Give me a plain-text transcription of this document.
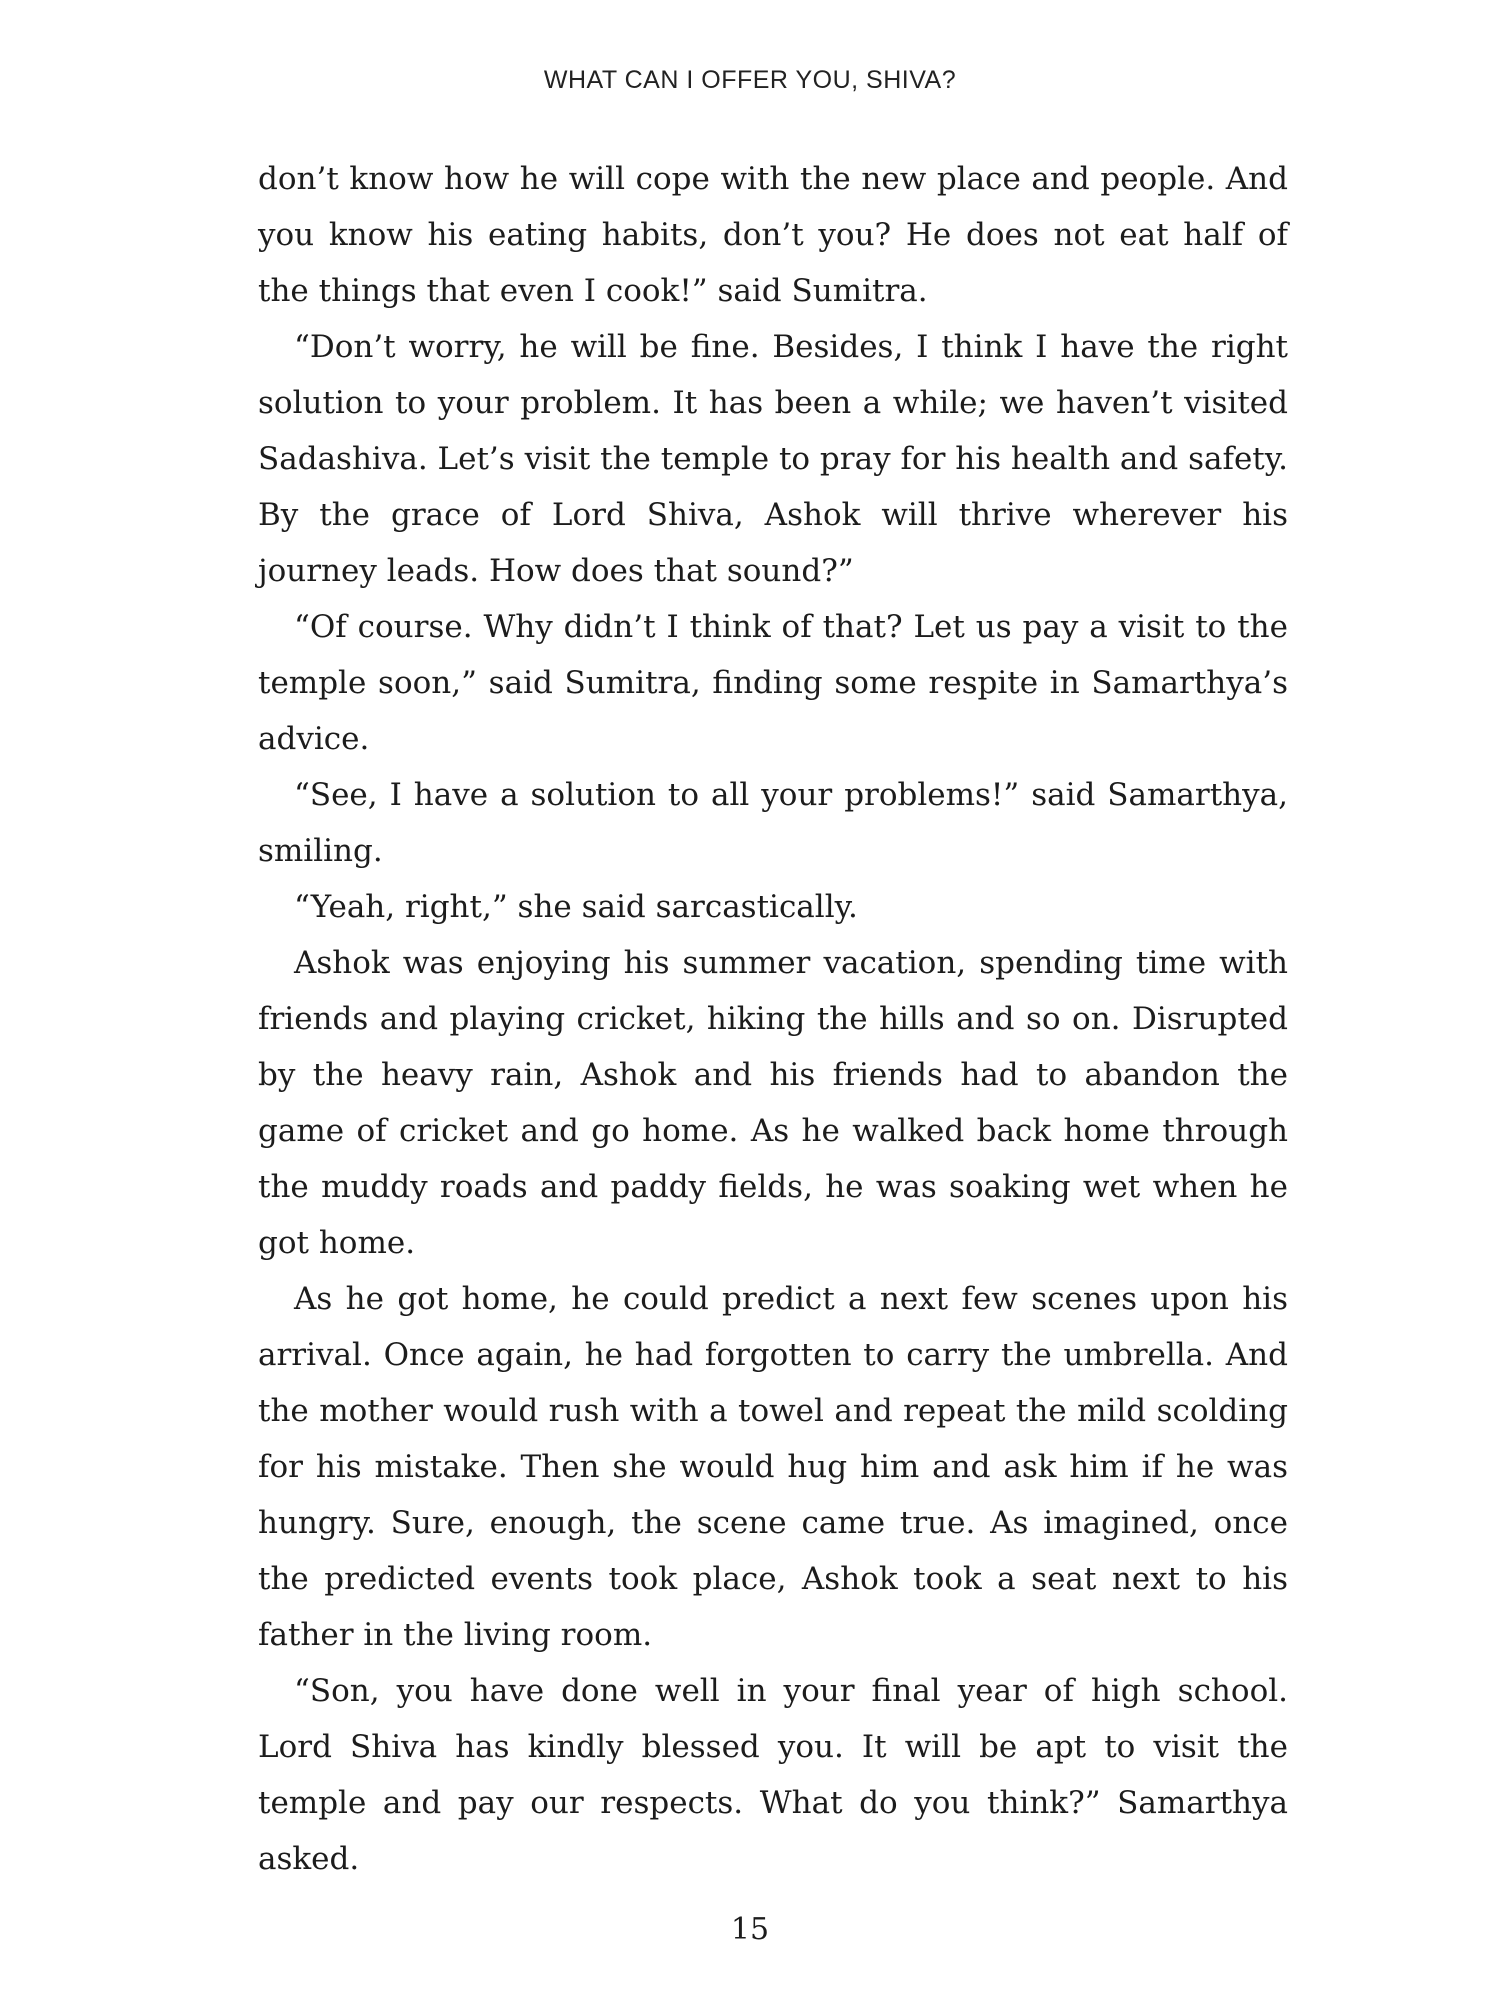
WHAT CAN I OFFER YOU, SHIVA?

don’t know how he will cope with the new place and people. And you know his eating habits, don’t you? He does not eat half of the things that even I cook!” said Sumitra.

“Don’t worry, he will be fine. Besides, I think I have the right solution to your problem. It has been a while; we haven’t visited Sadashiva. Let’s visit the temple to pray for his health and safety. By the grace of Lord Shiva, Ashok will thrive wherever his journey leads. How does that sound?”

“Of course. Why didn’t I think of that? Let us pay a visit to the temple soon,” said Sumitra, finding some respite in Samarthya’s advice.

“See, I have a solution to all your problems!” said Samarthya, smiling.

“Yeah, right,” she said sarcastically.

Ashok was enjoying his summer vacation, spending time with friends and playing cricket, hiking the hills and so on. Disrupted by the heavy rain, Ashok and his friends had to abandon the game of cricket and go home. As he walked back home through the muddy roads and paddy fields, he was soaking wet when he got home.

As he got home, he could predict a next few scenes upon his arrival. Once again, he had forgotten to carry the umbrella. And the mother would rush with a towel and repeat the mild scolding for his mistake. Then she would hug him and ask him if he was hungry. Sure, enough, the scene came true. As imagined, once the predicted events took place, Ashok took a seat next to his father in the living room.

“Son, you have done well in your final year of high school. Lord Shiva has kindly blessed you. It will be apt to visit the temple and pay our respects. What do you think?” Samarthya asked.

15
